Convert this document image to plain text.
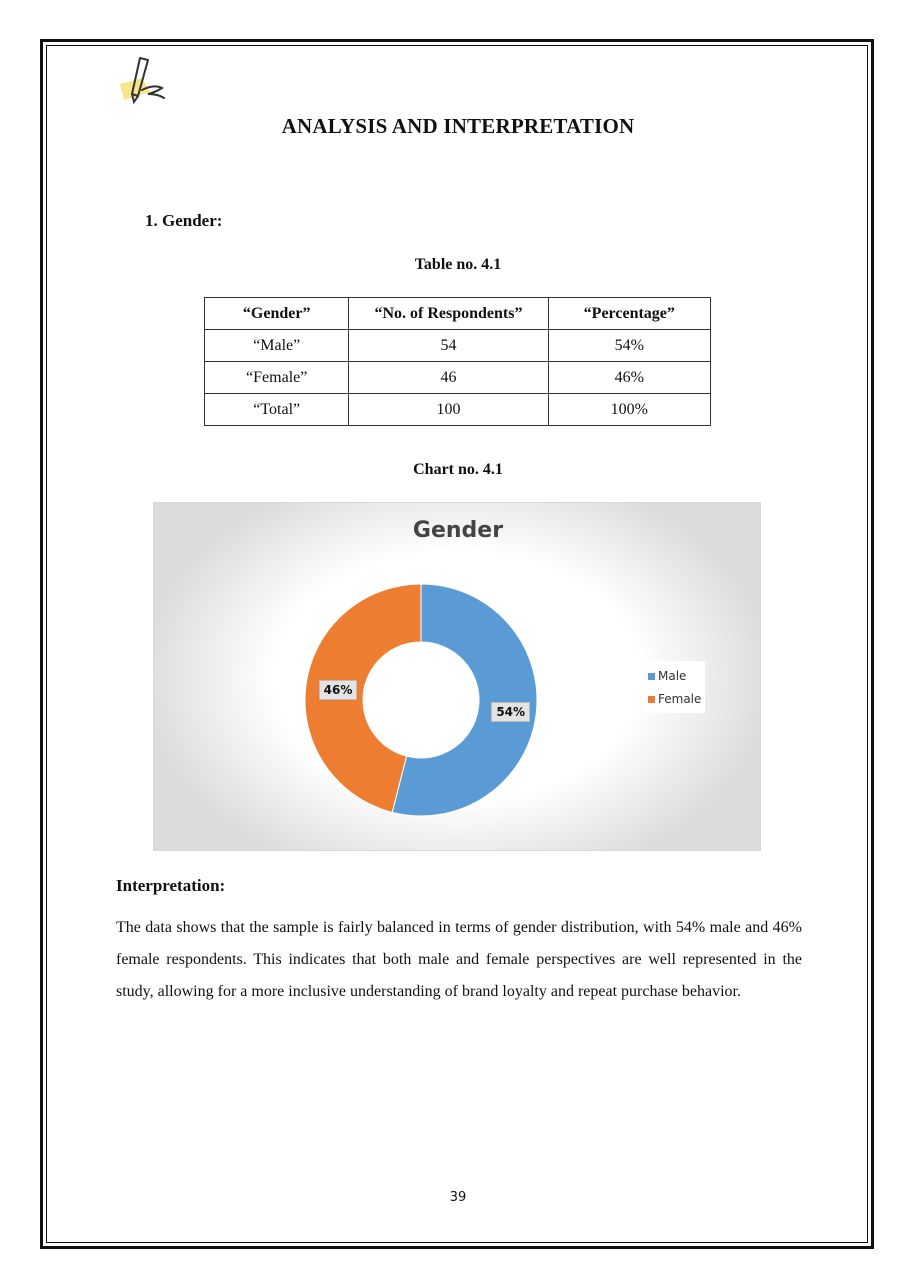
ANALYSIS AND INTERPRETATION
1. Gender:
Table no. 4.1
“Gender”	“No. of Respondents”	“Percentage”
“Male”	54	54%
“Female”	46	46%
“Total”	100	100%
Chart no. 4.1
Gender
54%
46%
Male
Female
Interpretation:
The data shows that the sample is fairly balanced in terms of gender distribution, with 54% male and 46% female respondents. This indicates that both male and female perspectives are well represented in the study, allowing for a more inclusive understanding of brand loyalty and repeat purchase behavior.
39
